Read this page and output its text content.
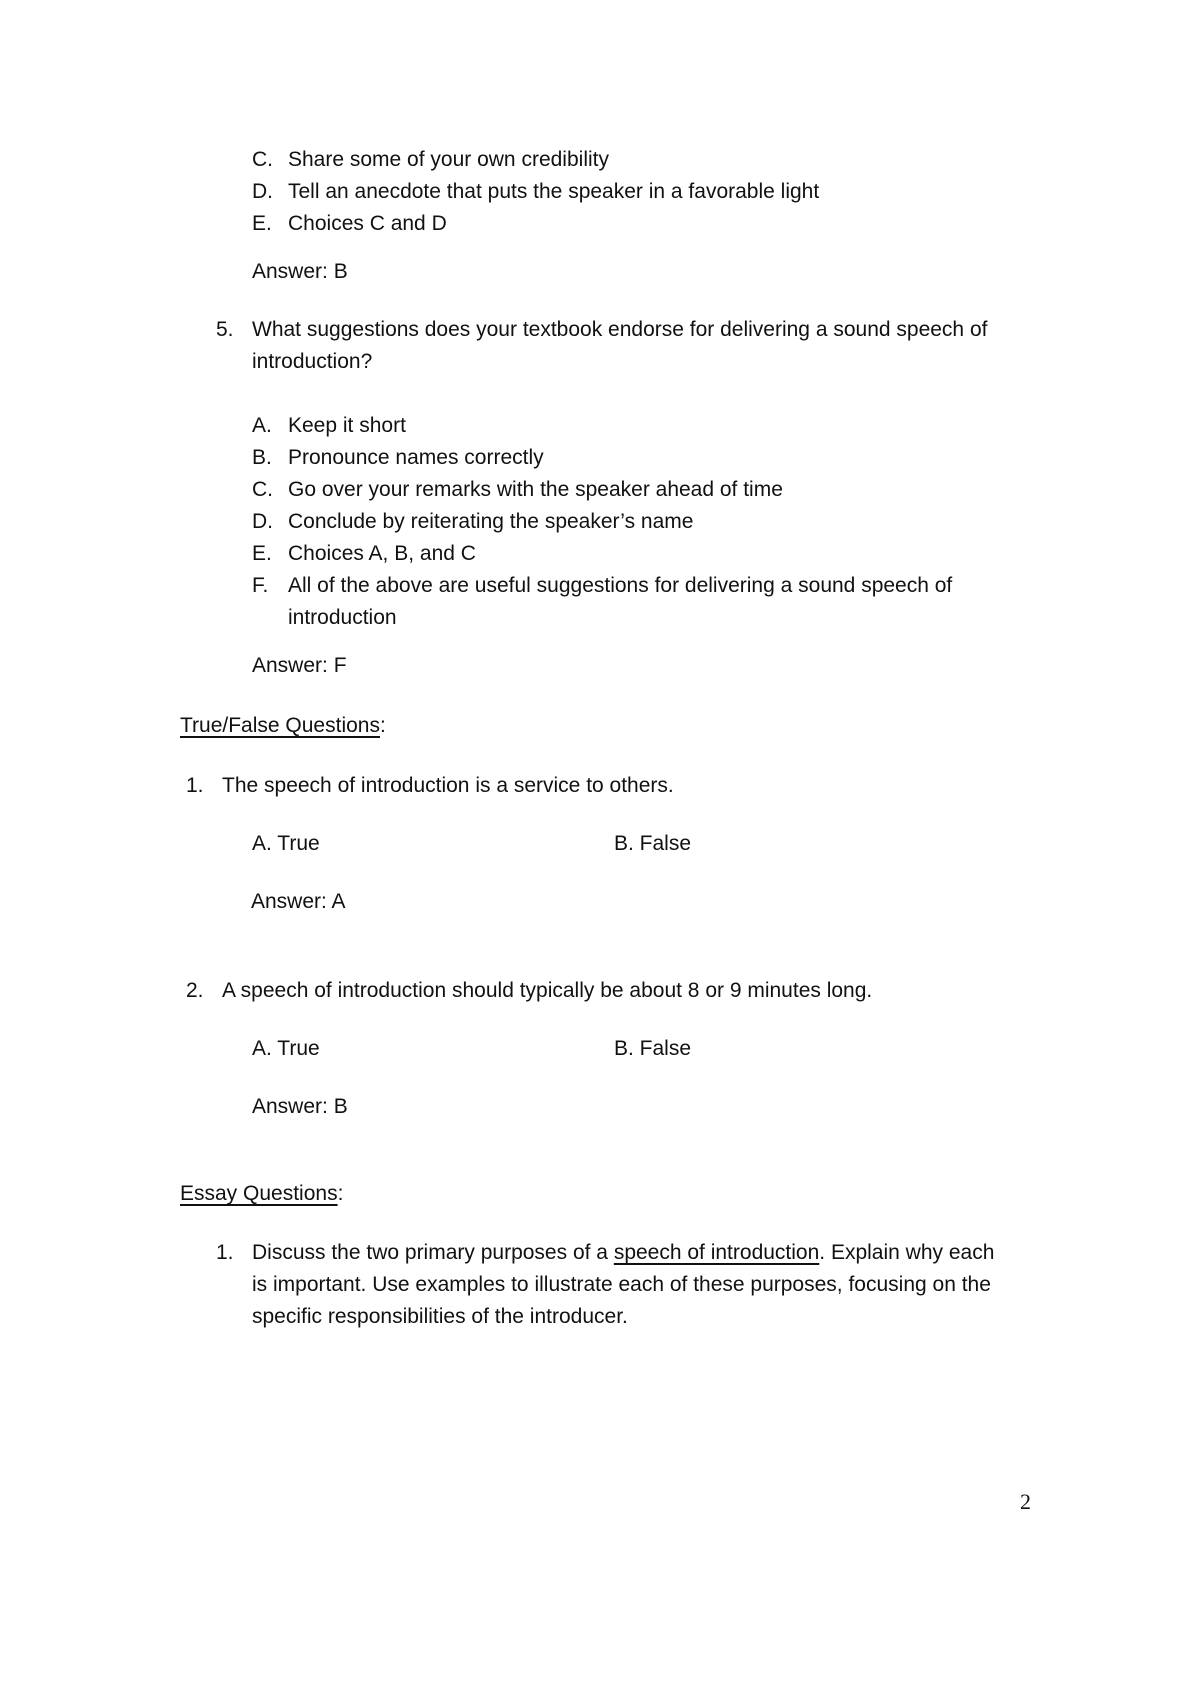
C. Share some of your own credibility
D. Tell an anecdote that puts the speaker in a favorable light
E. Choices C and D
Answer: B
5. What suggestions does your textbook endorse for delivering a sound speech of
introduction?
A. Keep it short
B. Pronounce names correctly
C. Go over your remarks with the speaker ahead of time
D. Conclude by reiterating the speaker’s name
E. Choices A, B, and C
F. All of the above are useful suggestions for delivering a sound speech of
introduction
Answer: F
True/False Questions:
1. The speech of introduction is a service to others.
A. True	B. False
Answer: A
2. A speech of introduction should typically be about 8 or 9 minutes long.
A. True	B. False
Answer: B
Essay Questions:
1. Discuss the two primary purposes of a speech of introduction. Explain why each
is important. Use examples to illustrate each of these purposes, focusing on the
specific responsibilities of the introducer.
2
